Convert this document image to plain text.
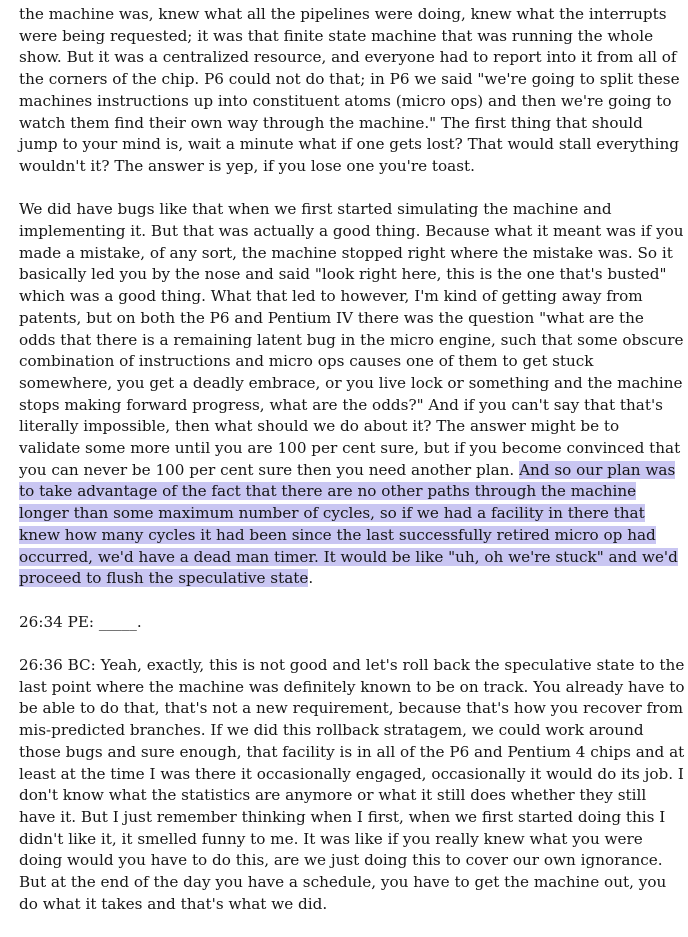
the machine was, knew what all the pipelines were doing, knew what the interrupts were being requested; it was that finite state machine that was running the whole show. But it was a centralized resource, and everyone had to report into it from all of the corners of the chip. P6 could not do that; in P6 we said "we're going to split these machines instructions up into constituent atoms (micro ops) and then we're going to watch them find their own way through the machine." The first thing that should jump to your mind is, wait a minute what if one gets lost? That would stall everything wouldn't it? The answer is yep, if you lose one you're toast.

We did have bugs like that when we first started simulating the machine and implementing it. But that was actually a good thing. Because what it meant was if you made a mistake, of any sort, the machine stopped right where the mistake was. So it basically led you by the nose and said "look right here, this is the one that's busted" which was a good thing. What that led to however, I'm kind of getting away from patents, but on both the P6 and Pentium IV there was the question "what are the odds that there is a remaining latent bug in the micro engine, such that some obscure combination of instructions and micro ops causes one of them to get stuck somewhere, you get a deadly embrace, or you live lock or something and the machine stops making forward progress, what are the odds?" And if you can't say that that's literally impossible, then what should we do about it? The answer might be to validate some more until you are 100 per cent sure, but if you become convinced that you can never be 100 per cent sure then you need another plan. And so our plan was to take advantage of the fact that there are no other paths through the machine longer than some maximum number of cycles, so if we had a facility in there that knew how many cycles it had been since the last successfully retired micro op had occurred, we'd have a dead man timer. It would be like "uh, oh we're stuck" and we'd proceed to flush the speculative state.

26:34 PE: _____.

26:36 BC: Yeah, exactly, this is not good and let's roll back the speculative state to the last point where the machine was definitely known to be on track. You already have to be able to do that, that's not a new requirement, because that's how you recover from mis-predicted branches. If we did this rollback stratagem, we could work around those bugs and sure enough, that facility is in all of the P6 and Pentium 4 chips and at least at the time I was there it occasionally engaged, occasionally it would do its job. I don't know what the statistics are anymore or what it still does whether they still have it. But I just remember thinking when I first, when we first started doing this I didn't like it, it smelled funny to me. It was like if you really knew what you were doing would you have to do this, are we just doing this to cover our own ignorance. But at the end of the day you have a schedule, you have to get the machine out, you do what it takes and that's what we did.
